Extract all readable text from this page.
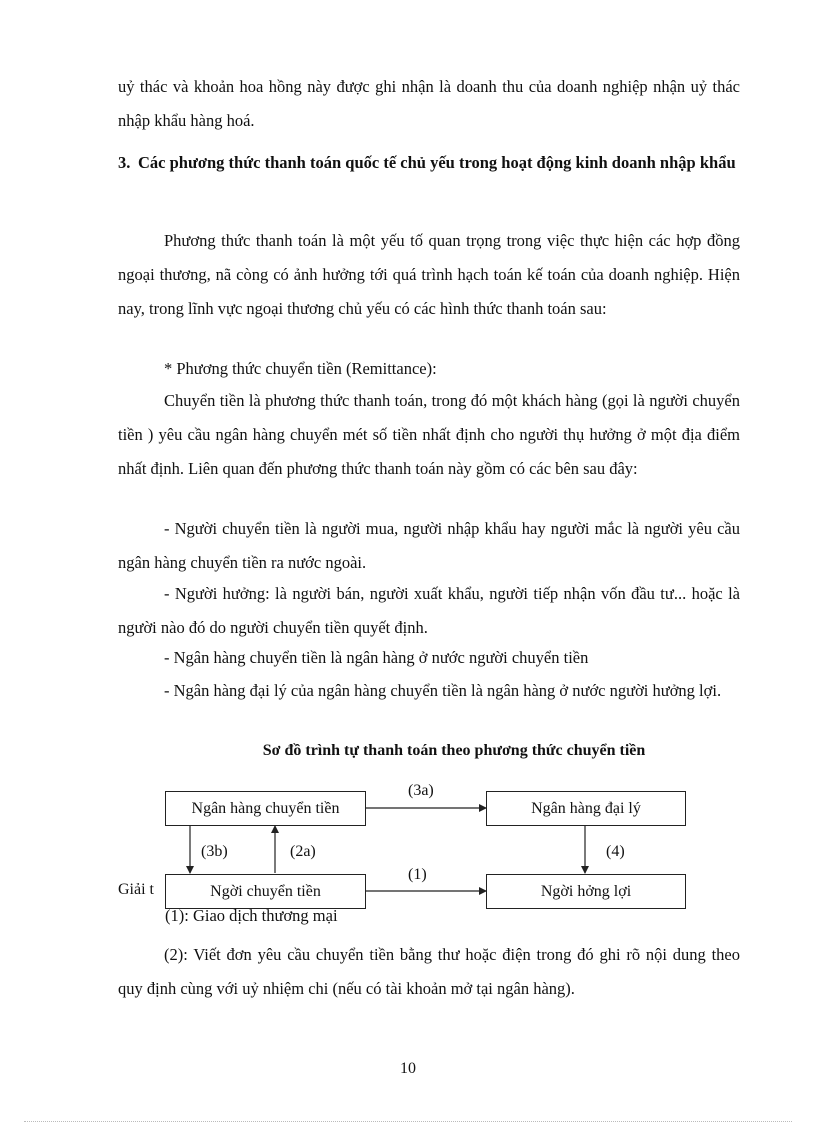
uỷ thác và khoản hoa hồng này được ghi nhận là doanh thu của doanh nghiệp nhận uỷ thác nhập khẩu hàng hoá.

3. Các phương thức thanh toán quốc tế chủ yếu trong hoạt động kinh doanh nhập khẩu

Phương thức thanh toán là một yếu tố quan trọng trong việc thực hiện các hợp đồng ngoại thương, nã còng có ảnh hưởng tới quá trình hạch toán kế toán của doanh nghiệp. Hiện nay, trong lĩnh vực ngoại thương chủ yếu có các hình thức thanh toán sau:

* Phương thức chuyển tiền (Remittance):

Chuyển tiền là phương thức thanh toán, trong đó một khách hàng (gọi là người chuyển tiền ) yêu cầu ngân hàng chuyển mét số tiền nhất định cho người thụ hưởng ở một địa điểm nhất định. Liên quan đến phương thức thanh toán này gồm có các bên sau đây:

- Người chuyển tiền là người mua, người nhập khẩu hay người mắc là người yêu cầu ngân hàng chuyển tiền ra nước ngoài.

- Người hưởng: là người bán, người xuất khẩu, người tiếp nhận vốn đầu tư... hoặc là người nào đó do người chuyển tiền quyết định.

- Ngân hàng chuyển tiền là ngân hàng ở nước người chuyển tiền

- Ngân hàng đại lý của ngân hàng chuyển tiền là ngân hàng ở nước người hưởng lợi.

Sơ đồ trình tự thanh toán theo phương thức chuyển tiền
Ngân hàng chuyển tiền	Ngân hàng đại lý
Ngời chuyển tiền	Ngời hởng lợi
(3a)
(3b)	(2a)
(1)
(4)
Giải t

(1): Giao dịch thương mại

(2): Viết đơn yêu cầu chuyển tiền bằng thư hoặc điện trong đó ghi rõ nội dung theo quy định cùng với uỷ nhiệm chi (nếu có tài khoản mở tại ngân hàng).

10
